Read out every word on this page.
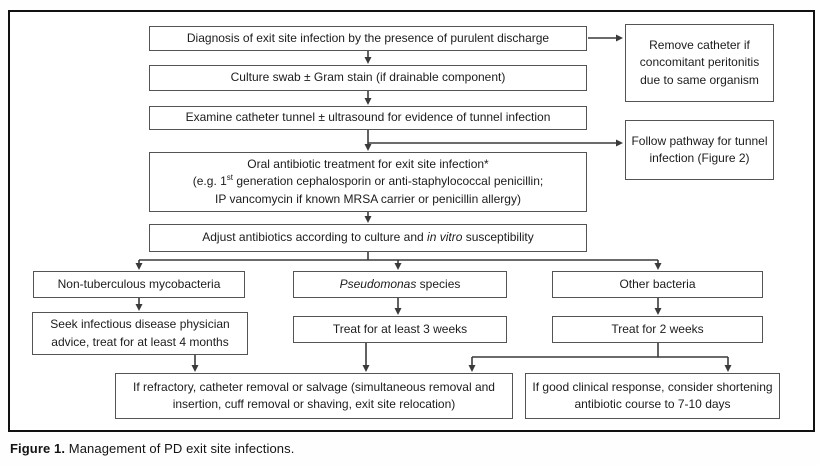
Diagnosis of exit site infection by the presence of purulent discharge
Culture swab ± Gram stain (if drainable component)
Examine catheter tunnel ± ultrasound for evidence of tunnel infection
Oral antibiotic treatment for exit site infection*
(e.g. 1st generation cephalosporin or anti-staphylococcal penicillin;
IP vancomycin if known MRSA carrier or penicillin allergy)
Adjust antibiotics according to culture and in vitro susceptibility
Remove catheter if concomitant peritonitis due to same organism
Follow pathway for tunnel infection (Figure 2)
Non-tuberculous mycobacteria	Pseudomonas species	Other bacteria
Seek infectious disease physician advice, treat for at least 4 months
Treat for at least 3 weeks	Treat for 2 weeks
If refractory, catheter removal or salvage (simultaneous removal and insertion, cuff removal or shaving, exit site relocation)
If good clinical response, consider shortening antibiotic course to 7-10 days
Figure 1. Management of PD exit site infections.
